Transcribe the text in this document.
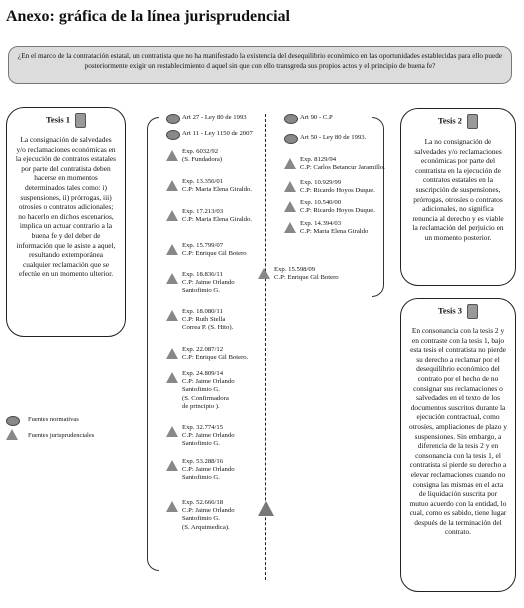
Anexo: gráfica de la línea jurisprudencial
¿En el marco de la contratación estatal, un contratista que no ha manifestado la existencia del desequilibrio económico en las oportunidades establecidas para ello puede posteriormente exigir un restablecimiento d aquel sin que con ello transgreda sus propios actos y el principio de buena fe?
Tesis 1
La consignación de salvedades y/o reclamaciones económicas en la ejecución de contratos estatales por parte del contratista deben hacerse en momentos determinados tales como: i) suspensiones, ii) prórrogas, iii) otrosíes o contratos adicionales; no hacerlo en dichos escenarios, implica un actuar contrario a la buena fe y del deber de información que le asiste a aquel, resultando extemporánea cualquier reclamación que se efectúe en un momento ulterior.
Tesis 2
La no consignación de salvedades y/o reclamaciones económicas por parte del contratista en la ejecución de contratos estatales en la suscripción de suspensiones, prórrogas, otrosíes o contratos adicionales, no significa renuncia al derecho y es viable la reclamación del perjuicio en un momento posterior.
Tesis 3
En consonancia con la tesis 2 y en contraste con la tesis 1, bajo esta tesis el contratista no pierde su derecho a reclamar por el desequilibrio económico del contrato por el hecho de no consignar sus reclamaciones o salvedades en el texto de los documentos suscritos durante la ejecución contractual, como otrosíes, ampliaciones de plazo y suspensiones. Sin embargo, a diferencia de la tesis 2 y en consonancia con la tesis 1, el contratista sí pierde su derecho a elevar reclamaciones cuando no consigna las mismas en el acta de liquidación suscrita por mutuo acuerdo con la entidad, lo cual, como es sabido, tiene lugar después de la terminación del contrato.
Art 27 - Ley 80 de 1993
Art 11 - Ley 1150 de 2007
Exp. 6032/92
(S. Fundadora)
Exp. 13.356/01
C.P: Maria Elena Giraldo.
Exp. 17.213/03
C.P: Maria Elena Giraldo.
Exp. 15.799/07
C.P: Enrique Gil Botero
Exp. 18.836/11
C.P: Jaime Orlando
Santofimio G.
Exp. 18.080/11
C.P: Ruth Stella
Correa P. (S. Hito).
Exp. 22.087/12
C.P: Enrique Gil Botero.
Exp. 24.809/14
C.P: Jaime Orlando
Santofimio G.
(S. Confirmadora
de principio ).
Exp. 32.774/15
C.P: Jaime Orlando
Santofimio G.
Exp. 53.288/16
C.P: Jaime Orlando
Santofimio G.
Exp. 52.666/18
C.P: Jaime Orlando
Santofimio G.
(S. Arquimedica).
Art 90 - C.P
Art 50 - Ley 80 de 1993.
Exp. 8129/94
C.P: Carlos Betancur Jaramillo.
Exp. 10.929/99
C.P: Ricardo Hoyos Duque.
Exp. 10.540/00
C.P: Ricardo Hoyos Duque.
Exp. 14.394/03
C.P: Maria Elena Giraldo
Exp. 15.598/09
C.P: Enrique Gil Botero
Fuentes normativas
Fuentes jurisprudenciales
